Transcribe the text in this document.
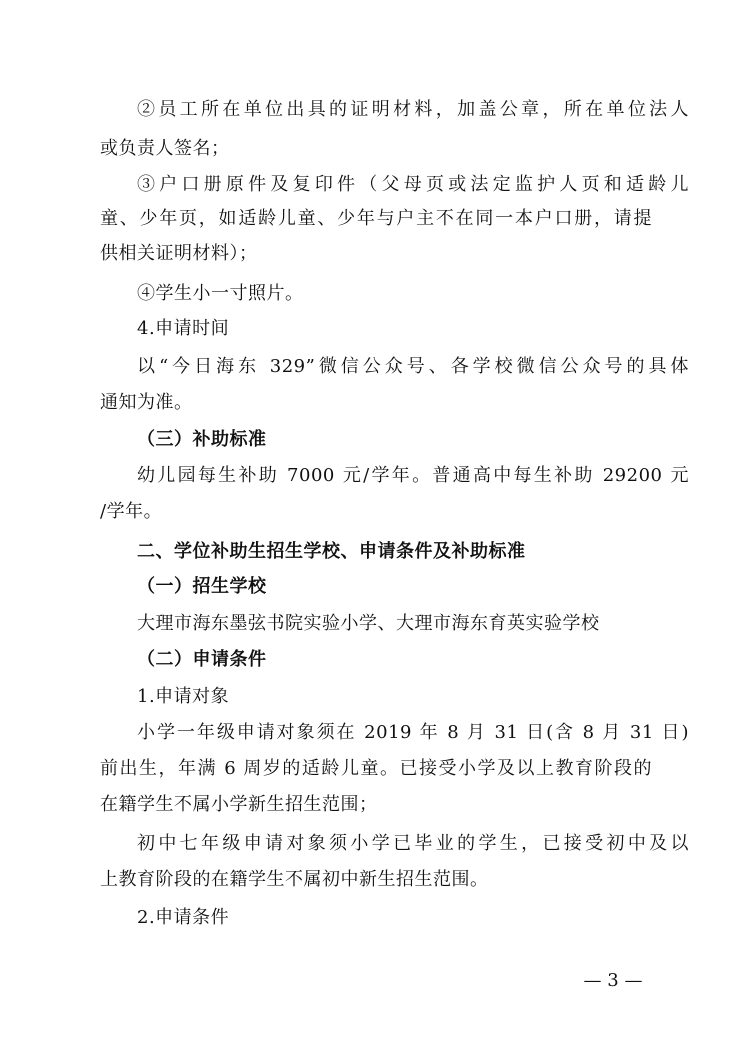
②员工所在单位出具的证明材料，加盖公章，所在单位法人
或负责人签名；
③户口册原件及复印件（父母页或法定监护人页和适龄儿
童、少年页，如适龄儿童、少年与户主不在同一本户口册，请提
供相关证明材料）；
④学生小一寸照片。
4.申请时间
以“今日海东 329”微信公众号、各学校微信公众号的具体
通知为准。
（三）补助标准
幼儿园每生补助 7000 元/学年。普通高中每生补助 29200 元
/学年。
二、学位补助生招生学校、申请条件及补助标准
（一）招生学校
大理市海东墨弦书院实验小学、大理市海东育英实验学校
（二）申请条件
1.申请对象
小学一年级申请对象须在 2019 年 8 月 31 日(含 8 月 31 日)
前出生，年满 6 周岁的适龄儿童。已接受小学及以上教育阶段的
在籍学生不属小学新生招生范围；
初中七年级申请对象须小学已毕业的学生，已接受初中及以
上教育阶段的在籍学生不属初中新生招生范围。
2.申请条件
— 3 —
